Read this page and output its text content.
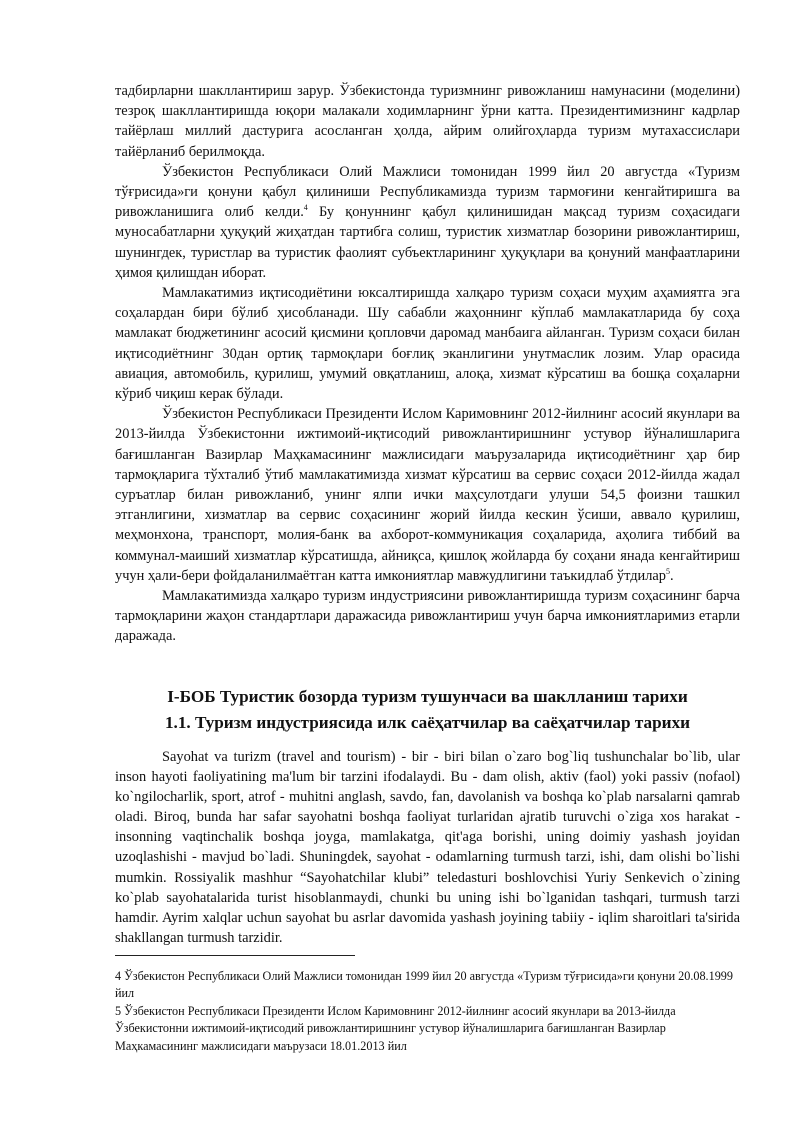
тадбирларни шакллантириш зарур. Ўзбекистонда туризмнинг ривожланиш намунасини (моделини) тезроқ шакллантиришда юқори малакали ходимларнинг ўрни катта. Президентимизнинг кадрлар тайёрлаш миллий дастурига асосланган ҳолда, айрим олийгоҳларда туризм мутахассислари тайёрланиб берилмоқда.

Ўзбекистон Республикаси Олий Мажлиси томонидан 1999 йил 20 августда «Туризм тўғрисида»ги қонуни қабул қилиниши Республикамизда туризм тармоғини кенгайтиришга ва ривожланишига олиб келди.$^4$ Бу қонуннинг қабул қилинишидан мақсад туризм соҳасидаги муносабатларни ҳуқуқий жиҳатдан тартибга солиш, туристик хизматлар бозорини ривожлантириш, шунингдек, туристлар ва туристик фаолият субъектларининг ҳуқуқлари ва қонуний манфаатларини ҳимоя қилишдан иборат.

Мамлакатимиз иқтисодиётини юксалтиришда халқаро туризм соҳаси муҳим аҳамиятга эга соҳалардан бири бўлиб ҳисобланади. Шу сабабли жаҳоннинг кўплаб мамлакатларида бу соҳа мамлакат бюджетининг асосий қисмини қопловчи даромад манбаига айланган. Туризм соҳаси билан иқтисодиётнинг 30дан ортиқ тармоқлари боғлиқ эканлигини унутмаслик лозим. Улар орасида авиация, автомобиль, қурилиш, умумий овқатланиш, алоқа, хизмат кўрсатиш ва бошқа соҳаларни кўриб чиқиш керак бўлади.

Ўзбекистон Республикаси Президенти Ислом Каримовнинг 2012-йилнинг асосий якунлари ва 2013-йилда Ўзбекистонни ижтимоий-иқтисодий ривожлантиришнинг устувор йўналишларига бағишланган Вазирлар Маҳкамасининг мажлисидаги маърузаларида иқтисодиётнинг ҳар бир тармоқларига тўхталиб ўтиб мамлакатимизда хизмат кўрсатиш ва сервис соҳаси 2012-йилда жадал суръатлар билан ривожланиб, унинг ялпи ички маҳсулотдаги улуши 54,5 фоизни ташкил этганлигини, хизматлар ва сервис соҳасининг жорий йилда кескин ўсиши, аввало қурилиш, меҳмонхона, транспорт, молия-банк ва ахборот-коммуникация соҳаларида, аҳолига тиббий ва коммунал-маиший хизматлар кўрсатишда, айниқса, қишлоқ жойларда бу соҳани янада кенгайтириш учун ҳали-бери фойдаланилмаётган катта имкониятлар мавжудлигини таъкидлаб ўтдилар$^5$.

Мамлакатимизда халқаро туризм индустриясини ривожлантиришда туризм соҳасининг барча тармоқларини жаҳон стандартлари даражасида ривожлантириш учун барча имкониятларимиз етарли даражада.

I-БОБ Туристик бозорда туризм тушунчаси ва шаклланиш тарихи
1.1. Туризм индустриясида илк саёҳатчилар ва саёҳатчилар тарихи

Sayohat va turizm (travel and tourism) - bir - biri bilan o`zaro bog`liq tushunchalar bo`lib, ular inson hayoti faoliyatining ma'lum bir tarzini ifodalaydi. Bu - dam olish, aktiv (faol) yoki passiv (nofaol) ko`ngilocharlik, sport, atrof - muhitni anglash, savdo, fan, davolanish va boshqa ko`plab narsalarni qamrab oladi. Biroq, bunda har safar sayohatni boshqa faoliyat turlaridan ajratib turuvchi o`ziga xos harakat - insonning vaqtinchalik boshqa joyga, mamlakatga, qit'aga borishi, uning doimiy yashash joyidan uzoqlashishi - mavjud bo`ladi. Shuningdek, sayohat - odamlarning turmush tarzi, ishi, dam olishi bo`lishi mumkin. Rossiyalik mashhur “Sayohatchilar klubi” teledasturi boshlovchisi Yuriy Senkevich o`zining ko`plab sayohatalarida turist hisoblanmaydi, chunki bu uning ishi bo`lganidan tashqari, turmush tarzi hamdir. Ayrim xalqlar uchun sayohat bu asrlar davomida yashash joyining tabiiy - iqlim sharoitlari ta'sirida shakllangan turmush tarzidir.

4 Ўзбекистон Республикаси Олий Мажлиси томонидан 1999 йил 20 августда «Туризм тўғрисида»ги қонуни 20.08.1999 йил

5 Ўзбекистон Республикаси Президенти Ислом Каримовнинг 2012-йилнинг асосий якунлари ва 2013-йилда Ўзбекистонни ижтимоий-иқтисодий ривожлантиришнинг устувор йўналишларига бағишланган Вазирлар Маҳкамасининг мажлисидаги маърузаси 18.01.2013 йил
